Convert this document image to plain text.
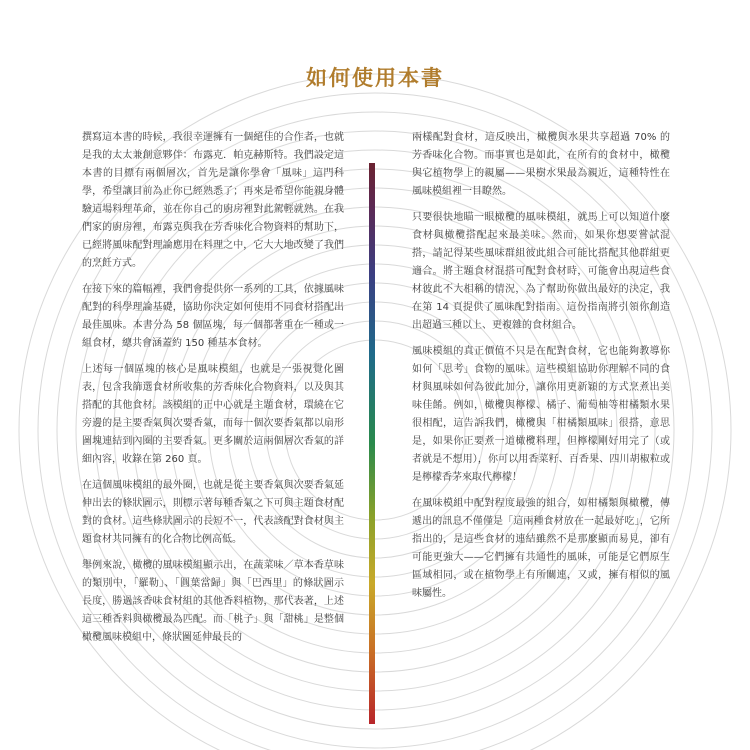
如何使用本書

撰寫這本書的時候，我很幸運擁有一個絕佳的合作者，也就是我的太太兼創意夥伴：布露克．帕克赫斯特。我們設定這本書的目標有兩個層次，首先是讓你學會「風味」這門科學，希望讓目前為止你已經熟悉了；再來是希望你能親身體驗這場料理革命，並在你自己的廚房裡對此駕輕就熟。在我們家的廚房裡，布露克與我在芳香味化合物資料的幫助下，已經將風味配對理論應用在料理之中，它大大地改變了我們的烹飪方式。

在接下來的篇幅裡，我們會提供你一系列的工具，依據風味配對的科學理論基礎，協助你決定如何使用不同食材搭配出最佳風味。本書分為 58 個區塊，每一個都著重在一種或一組食材，總共會涵蓋約 150 種基本食材。

上述每一個區塊的核心是風味模組，也就是一張視覺化圖表，包含我篩選食材所收集的芳香味化合物資料，以及與其搭配的其他食材。該模組的正中心就是主題食材，環繞在它旁邊的是主要香氣與次要香氣，而每一個次要香氣都以扇形圖塊連結到內圈的主要香氣。更多關於這兩個層次香氣的詳細內容，收錄在第 260 頁。

在這個風味模組的最外圈，也就是從主要香氣與次要香氣延伸出去的條狀圖示，則標示著每種香氣之下可與主題食材配對的食材。這些條狀圖示的長短不一，代表該配對食材與主題食材共同擁有的化合物比例高低。

舉例來說，橄欖的風味模組顯示出，在蔬菜味／草本香草味的類別中，「羅勒」、「圓葉當歸」與「巴西里」的條狀圖示長度，勝過該香味食材組的其他香料植物，那代表著，上述這三種香料與橄欖最為匹配。而「桃子」與「甜桃」是整個橄欖風味模組中，條狀圖延伸最長的

兩樣配對食材，這反映出，橄欖與水果共享超過 70% 的芳香味化合物。而事實也是如此，在所有的食材中，橄欖與它植物學上的親屬——果樹水果最為親近，這種特性在風味模組裡一目瞭然。

只要很快地瞄一眼橄欖的風味模組，就馬上可以知道什麼食材與橄欖搭配起來最美味。然而，如果你想要嘗試混搭，請記得某些風味群組彼此組合可能比搭配其他群組更適合。將主題食材混搭可配對食材時，可能會出現這些食材彼此不大相稱的情況，為了幫助你做出最好的決定，我在第 14 頁提供了風味配對指南。這份指南將引領你創造出超過三種以上、更複雜的食材組合。

風味模組的真正價值不只是在配對食材，它也能夠教導你如何「思考」食物的風味。這些模組協助你理解不同的食材與風味如何為彼此加分，讓你用更新穎的方式烹煮出美味佳餚。例如，橄欖與檸檬、橘子、葡萄柚等柑橘類水果很相配，這告訴我們，橄欖與「柑橘類風味」很搭，意思是，如果你正要煮一道橄欖料理，但檸檬剛好用完了（或者就是不想用），你可以用香菜籽、百香果、四川胡椒粒或是檸檬香茅來取代檸檬！

在風味模組中配對程度最強的組合，如柑橘類與橄欖，傳遞出的訊息不僅僅是「這兩種食材放在一起最好吃」，它所指出的，是這些食材的連結雖然不是那麼顯而易見，卻有可能更強大——它們擁有共通性的風味，可能是它們原生區域相同，或在植物學上有所關連，又或，擁有相似的風味屬性。
